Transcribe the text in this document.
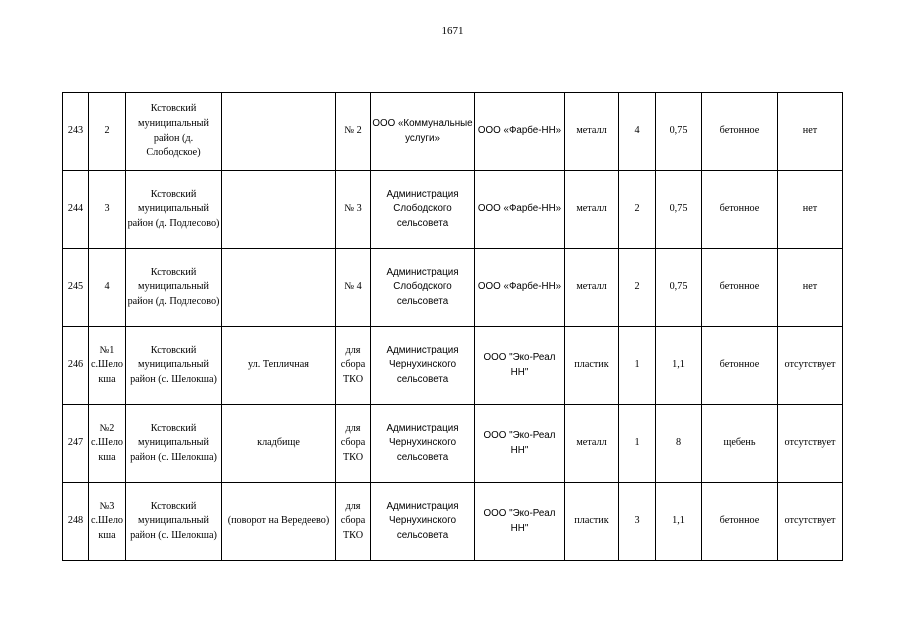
1671
243	2	Кстовский муниципальный район (д. Слободское)		№ 2	ООО «Коммунальные услуги»	ООО «Фарбе-НН»	металл	4	0,75	бетонное	нет
244	3	Кстовский муниципальный район (д. Подлесово)		№ 3	Администрация Слободского сельсовета	ООО «Фарбе-НН»	металл	2	0,75	бетонное	нет
245	4	Кстовский муниципальный район (д. Подлесово)		№ 4	Администрация Слободского сельсовета	ООО «Фарбе-НН»	металл	2	0,75	бетонное	нет
246	№1 с.Шелокша	Кстовский муниципальный район (с. Шелокша)	ул. Тепличная	для сбора ТКО	Администрация Чернухинского сельсовета	ООО "Эко-Реал НН"	пластик	1	1,1	бетонное	отсутствует
247	№2 с.Шелокша	Кстовский муниципальный район (с. Шелокша)	кладбище	для сбора ТКО	Администрация Чернухинского сельсовета	ООО "Эко-Реал НН"	металл	1	8	щебень	отсутствует
248	№3 с.Шелокша	Кстовский муниципальный район (с. Шелокша)	(поворот на Вередеево)	для сбора ТКО	Администрация Чернухинского сельсовета	ООО "Эко-Реал НН"	пластик	3	1,1	бетонное	отсутствует
